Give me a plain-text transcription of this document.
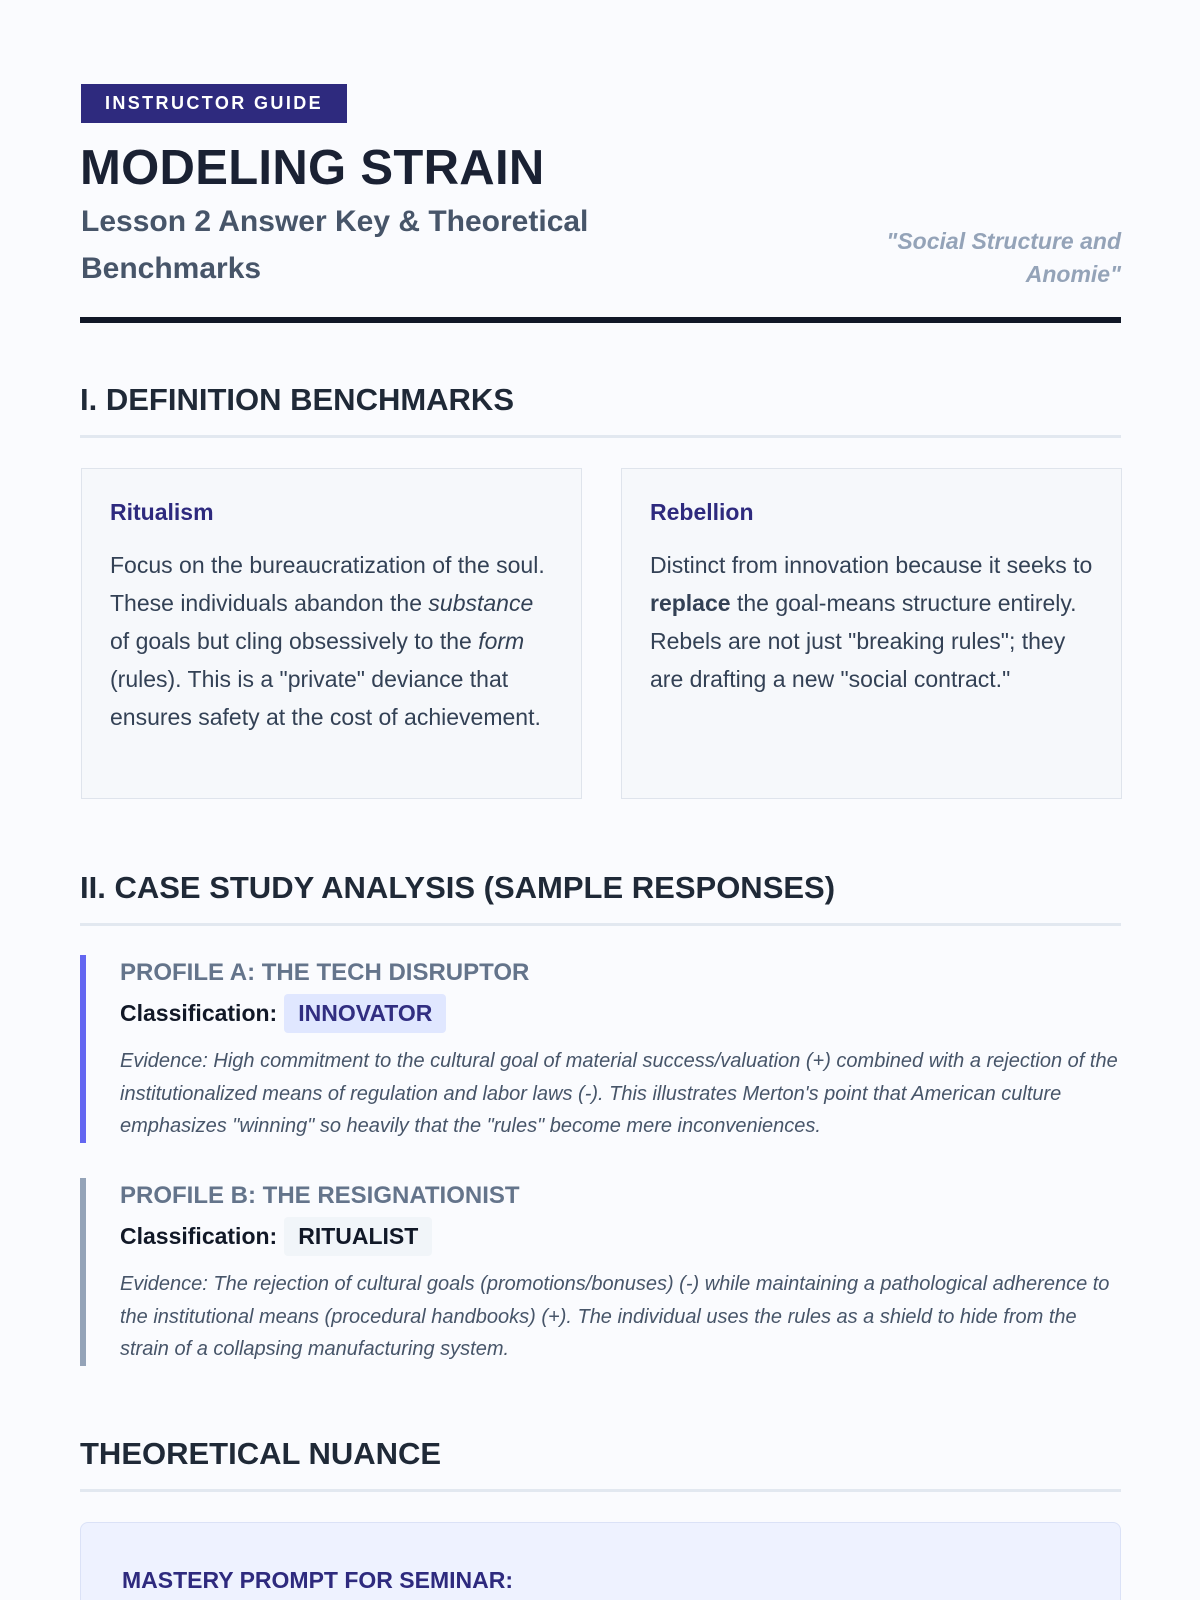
INSTRUCTOR GUIDE
MODELING STRAIN
Lesson 2 Answer Key & Theoretical Benchmarks
"Social Structure and Anomie"
I. DEFINITION BENCHMARKS
Ritualism

Focus on the bureaucratization of the soul. These individuals abandon the substance of goals but cling obsessively to the form (rules). This is a "private" deviance that ensures safety at the cost of achievement.

Rebellion

Distinct from innovation because it seeks to replace the goal-means structure entirely. Rebels are not just "breaking rules"; they are drafting a new "social contract."

II. CASE STUDY ANALYSIS (SAMPLE RESPONSES)
PROFILE A: THE TECH DISRUPTOR
Classification: INNOVATOR
Evidence: High commitment to the cultural goal of material success/valuation (+) combined with a rejection of the institutionalized means of regulation and labor laws (-). This illustrates Merton's point that American culture emphasizes "winning" so heavily that the "rules" become mere inconveniences.
PROFILE B: THE RESIGNATIONIST
Classification: RITUALIST
Evidence: The rejection of cultural goals (promotions/bonuses) (-) while maintaining a pathological adherence to the institutional means (procedural handbooks) (+). The individual uses the rules as a shield to hide from the strain of a collapsing manufacturing system.
THEORETICAL NUANCE
MASTERY PROMPT FOR SEMINAR:
